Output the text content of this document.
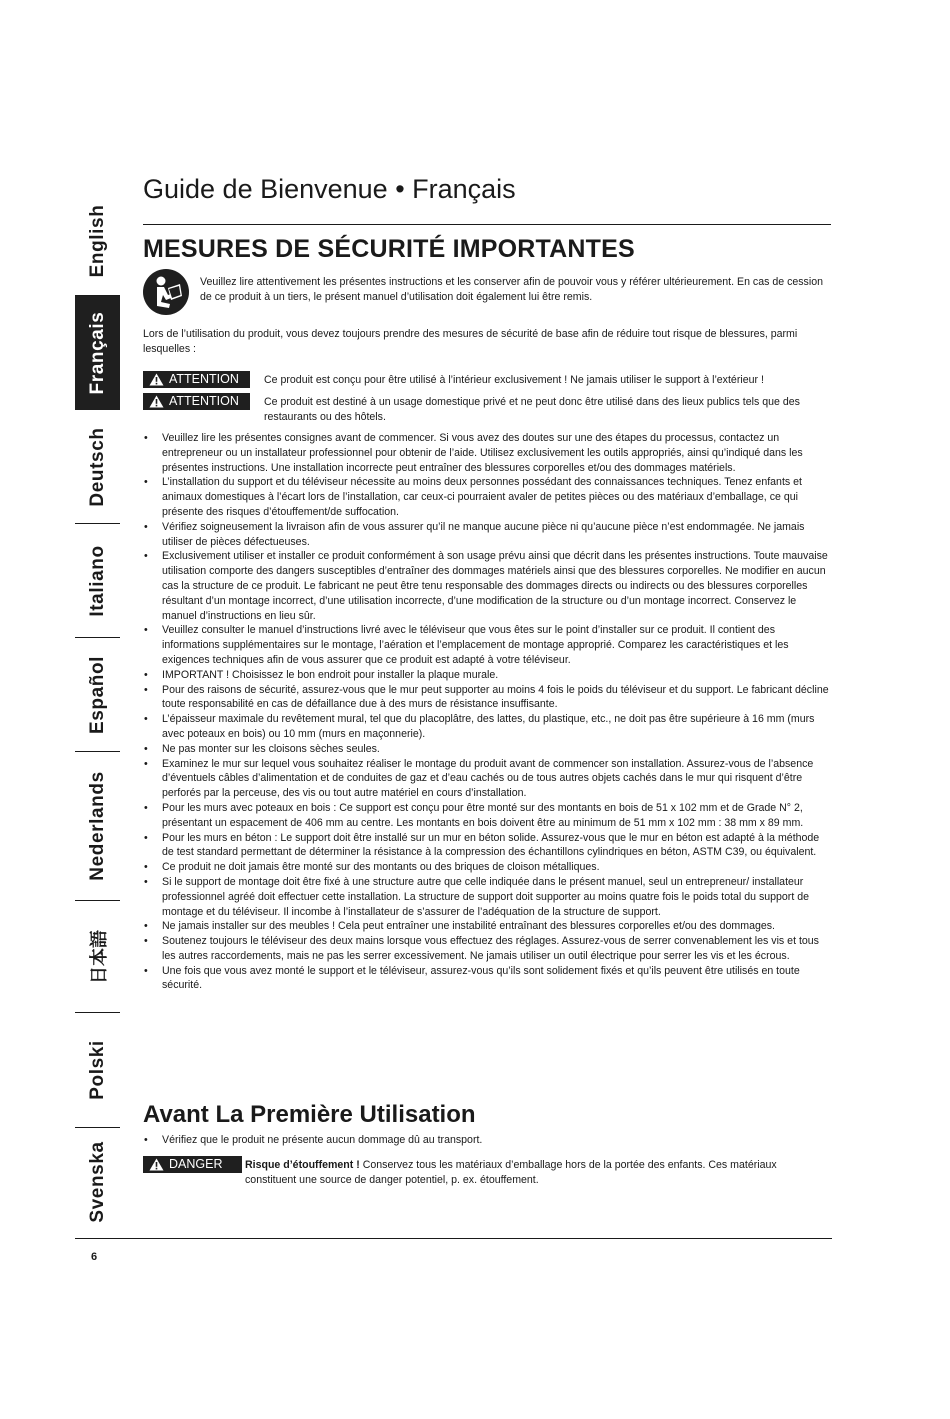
English
Français
Deutsch
Italiano
Español
Nederlands
日本語
Polski
Svenska
Guide de Bienvenue • Français
MESURES DE SÉCURITÉ IMPORTANTES
Veuillez lire attentivement les présentes instructions et les conserver afin de pouvoir vous y référer ultérieurement. En cas de cession de ce produit à un tiers, le présent manuel d’utilisation doit également lui être remis.
Lors de l’utilisation du produit, vous devez toujours prendre des mesures de sécurité de base afin de réduire tout risque de blessures, parmi lesquelles :
ATTENTION	Ce produit est conçu pour être utilisé à l’intérieur exclusivement ! Ne jamais utiliser le support à l’extérieur !
ATTENTION	Ce produit est destiné à un usage domestique privé et ne peut donc être utilisé dans des lieux publics tels que des restaurants ou des hôtels.
• Veuillez lire les présentes consignes avant de commencer. Si vous avez des doutes sur une des étapes du processus, contactez un entrepreneur ou un installateur professionnel pour obtenir de l’aide. Utilisez exclusivement les outils appropriés, ainsi qu’indiqué dans les présentes instructions. Une installation incorrecte peut entraîner des blessures corporelles et/ou des dommages matériels.
• L’installation du support et du téléviseur nécessite au moins deux personnes possédant des connaissances techniques. Tenez enfants et animaux domestiques à l’écart lors de l’installation, car ceux-ci pourraient avaler de petites pièces ou des matériaux d’emballage, ce qui présente des risques d’étouffement/de suffocation.
• Vérifiez soigneusement la livraison afin de vous assurer qu’il ne manque aucune pièce ni qu’aucune pièce n’est endommagée. Ne jamais utiliser de pièces défectueuses.
• Exclusivement utiliser et installer ce produit conformément à son usage prévu ainsi que décrit dans les présentes instructions. Toute mauvaise utilisation comporte des dangers susceptibles d’entraîner des dommages matériels ainsi que des blessures corporelles. Ne modifier en aucun cas la structure de ce produit. Le fabricant ne peut être tenu responsable des dommages directs ou indirects ou des blessures corporelles résultant d’un montage incorrect, d’une utilisation incorrecte, d’une modification de la structure ou d’un montage incorrect. Conservez le manuel d’instructions en lieu sûr.
• Veuillez consulter le manuel d’instructions livré avec le téléviseur que vous êtes sur le point d’installer sur ce produit. Il contient des informations supplémentaires sur le montage, l’aération et l’emplacement de montage approprié. Comparez les caractéristiques et les exigences techniques afin de vous assurer que ce produit est adapté à votre téléviseur.
• IMPORTANT ! Choisissez le bon endroit pour installer la plaque murale.
• Pour des raisons de sécurité, assurez-vous que le mur peut supporter au moins 4 fois le poids du téléviseur et du support. Le fabricant décline toute responsabilité en cas de défaillance due à des murs de résistance insuffisante.
• L’épaisseur maximale du revêtement mural, tel que du placoplâtre, des lattes, du plastique, etc., ne doit pas être supérieure à 16 mm (murs avec poteaux en bois) ou 10 mm (murs en maçonnerie).
• Ne pas monter sur les cloisons sèches seules.
• Examinez le mur sur lequel vous souhaitez réaliser le montage du produit avant de commencer son installation. Assurez-vous de l’absence d’éventuels câbles d’alimentation et de conduites de gaz et d’eau cachés ou de tous autres objets cachés dans le mur qui risquent d’être perforés par la perceuse, des vis ou tout autre matériel en cours d’installation.
• Pour les murs avec poteaux en bois : Ce support est conçu pour être monté sur des montants en bois de 51 x 102 mm et de Grade N° 2, présentant un espacement de 406 mm au centre. Les montants en bois doivent être au minimum de 51 mm x 102 mm : 38 mm x 89 mm.
• Pour les murs en béton : Le support doit être installé sur un mur en béton solide. Assurez-vous que le mur en béton est adapté à la méthode de test standard permettant de déterminer la résistance à la compression des échantillons cylindriques en béton, ASTM C39, ou équivalent.
• Ce produit ne doit jamais être monté sur des montants ou des briques de cloison métalliques.
• Si le support de montage doit être fixé à une structure autre que celle indiquée dans le présent manuel, seul un entrepreneur/ installateur professionnel agréé doit effectuer cette installation. La structure de support doit supporter au moins quatre fois le poids total du support de montage et du téléviseur. Il incombe à l’installateur de s’assurer de l’adéquation de la structure de support.
• Ne jamais installer sur des meubles ! Cela peut entraîner une instabilité entraînant des blessures corporelles et/ou des dommages.
• Soutenez toujours le téléviseur des deux mains lorsque vous effectuez des réglages. Assurez-vous de serrer convenablement les vis et tous les autres raccordements, mais ne pas les serrer excessivement. Ne jamais utiliser un outil électrique pour serrer les vis et les écrous.
• Une fois que vous avez monté le support et le téléviseur, assurez-vous qu’ils sont solidement fixés et qu’ils peuvent être utilisés en toute sécurité.
Avant La Première Utilisation
• Vérifiez que le produit ne présente aucun dommage dû au transport.
DANGER	Risque d’étouffement ! Conservez tous les matériaux d’emballage hors de la portée des enfants. Ces matériaux constituent une source de danger potentiel, p. ex. étouffement.
6
